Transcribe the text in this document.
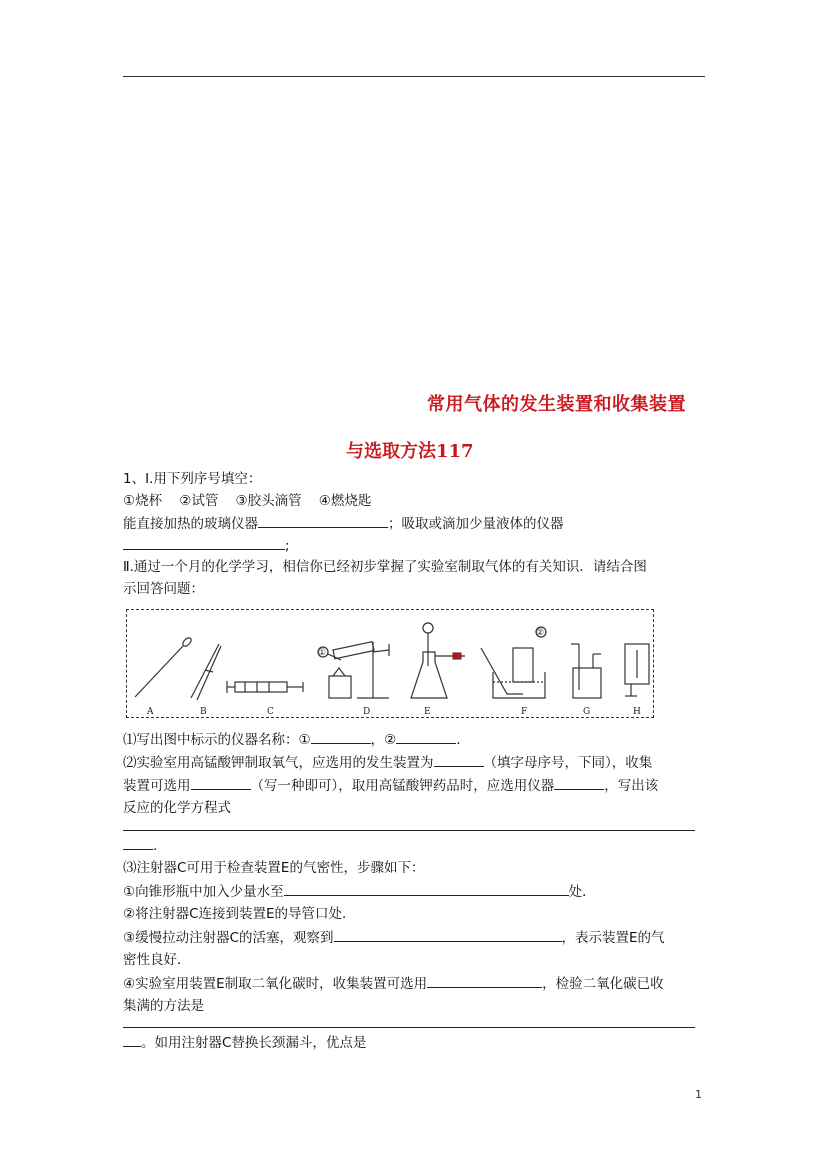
常用气体的发生装置和收集装置
与选取方法117
1、Ⅰ.用下列序号填空：
①烧杯    ②试管    ③胶头滴管    ④燃烧匙
能直接加热的玻璃仪器	；吸取或滴加少量液体的仪器
;
Ⅱ.通过一个月的化学学习，相信你已经初步掌握了实验室制取气体的有关知识．请结合图
示回答问题：
A	B	C	D	E	F	G	H
①
②
⑴写出图中标示的仪器名称：①	，②	．
⑵实验室用高锰酸钾制取氧气，应选用的发生装置为	（填字母序号，下同），收集
装置可选用	（写一种即可），取用高锰酸钾药品时，应选用仪器	，写出该
反应的化学方程式
.
⑶注射器C可用于检查装置E的气密性，步骤如下：
①向锥形瓶中加入少量水至	处．
②将注射器C连接到装置E的导管口处．
③缓慢拉动注射器C的活塞，观察到	，表示装置E的气
密性良好．
④实验室用装置E制取二氧化碳时，收集装置可选用	，检验二氧化碳已收
集满的方法是
。如用注射器C替换长颈漏斗，优点是
1
